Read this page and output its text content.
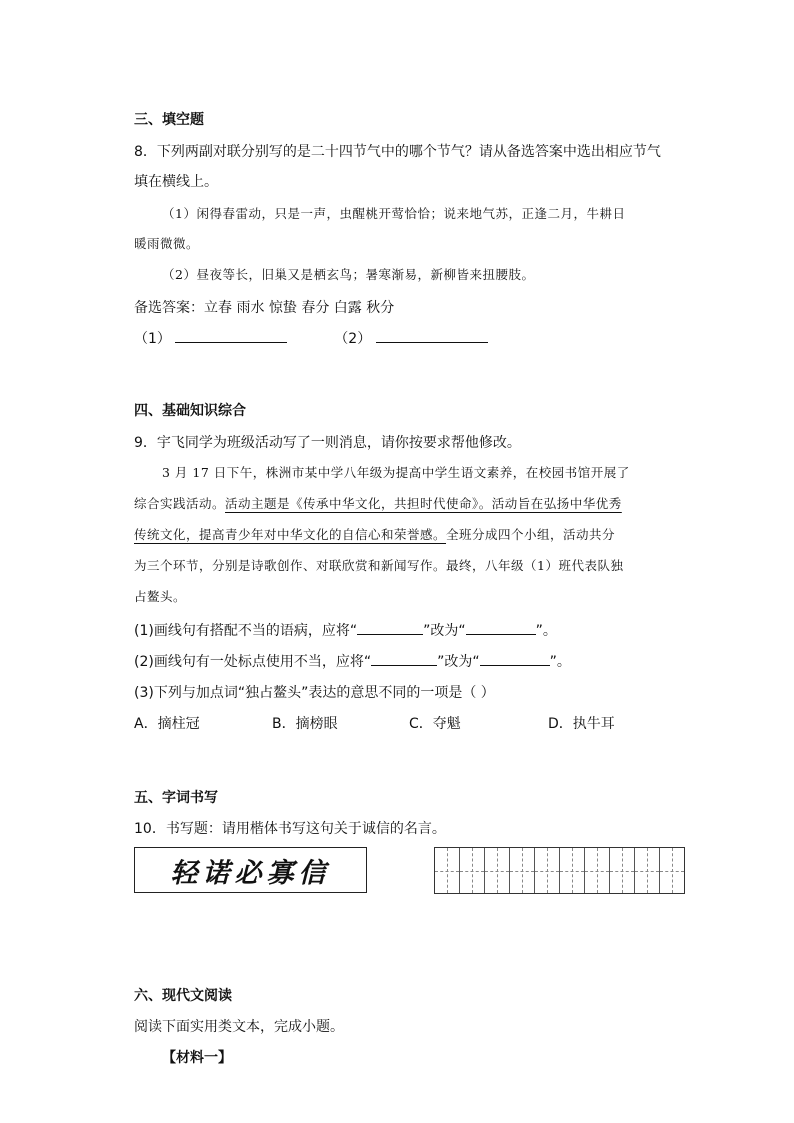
三、填空题
8．下列两副对联分别写的是二十四节气中的哪个节气？请从备选答案中选出相应节气
填在横线上。
（1）闲得春雷动，只是一声，虫醒桃开莺恰恰；说来地气苏，正逢二月，牛耕日
暖雨微微。
（2）昼夜等长，旧巢又是栖玄鸟；暑寒渐易，新柳皆来扭腰肢。
备选答案：立春 雨水 惊蛰 春分 白露 秋分
（1）	（2）
四、基础知识综合
9．宇飞同学为班级活动写了一则消息，请你按要求帮他修改。
3 月 17 日下午，株洲市某中学八年级为提高中学生语文素养，在校园书馆开展了
综合实践活动。活动主题是《传承中华文化，共担时代使命》。活动旨在弘扬中华优秀
传统文化，提高青少年对中华文化的自信心和荣誉感。全班分成四个小组，活动共分
为三个环节，分别是诗歌创作、对联欣赏和新闻写作。最终，八年级（1）班代表队独
占鳌头。
(1)画线句有搭配不当的语病，应将“	”改为“	”。
(2)画线句有一处标点使用不当，应将“	”改为“	”。
(3)下列与加点词“独占鳌头”表达的意思不同的一项是（ ）
A．摘柱冠	B．摘榜眼	C．夺魁	D．执牛耳
五、字词书写
10．书写题：请用楷体书写这句关于诚信的名言。
轻诺必寡信
六、现代文阅读
阅读下面实用类文本，完成小题。
【材料一】
